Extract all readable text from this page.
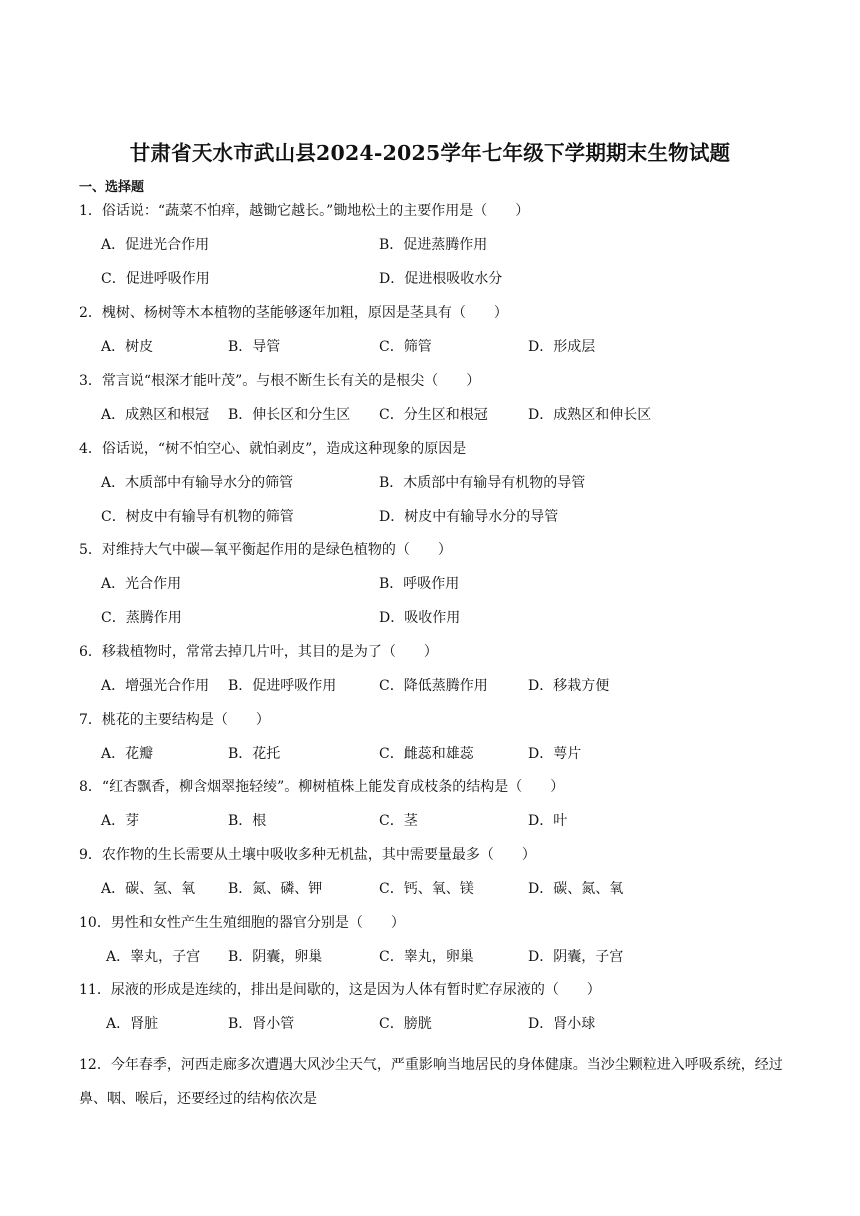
甘肃省天水市武山县2024-2025学年七年级下学期期末生物试题
一、选择题
1．俗话说：“蔬菜不怕痒，越锄它越长。”锄地松土的主要作用是（　　）
A．促进光合作用	B．促进蒸腾作用
C．促进呼吸作用	D．促进根吸收水分
2．槐树、杨树等木本植物的茎能够逐年加粗，原因是茎具有（　　）
A．树皮	B．导管	C．筛管	D．形成层
3．常言说“根深才能叶茂”。与根不断生长有关的是根尖（　　）
A．成熟区和根冠 B．伸长区和分生区 C．分生区和根冠	D．成熟区和伸长区
4．俗话说，“树不怕空心、就怕剥皮”，造成这种现象的原因是
A．木质部中有输导水分的筛管	B．木质部中有输导有机物的导管
C．树皮中有输导有机物的筛管	D．树皮中有输导水分的导管
5．对维持大气中碳—氧平衡起作用的是绿色植物的（　　）
A．光合作用	B．呼吸作用
C．蒸腾作用	D．吸收作用
6．移栽植物时，常常去掉几片叶，其目的是为了（　　）
A．增强光合作用 B．促进呼吸作用	C．降低蒸腾作用	D．移栽方便
7．桃花的主要结构是（　　）
A．花瓣	B．花托	C．雌蕊和雄蕊	D．萼片
8．“红杏飘香，柳含烟翠拖轻绫”。柳树植株上能发育成枝条的结构是（　　）
A．芽	B．根	C．茎	D．叶
9．农作物的生长需要从土壤中吸收多种无机盐，其中需要量最多（　　）
A．碳、氢、氧 B．氮、磷、钾	C．钙、氧、镁	D．碳、氮、氧
10．男性和女性产生生殖细胞的器官分别是（　　）
A．睾丸，子宫 B．阴囊，卵巢	C．睾丸，卵巢	D．阴囊，子宫
11．尿液的形成是连续的，排出是间歇的，这是因为人体有暂时贮存尿液的（　　）
A．肾脏	B．肾小管	C．膀胱	D．肾小球
12．今年春季，河西走廊多次遭遇大风沙尘天气，严重影响当地居民的身体健康。当沙尘颗粒进入呼吸系统，经过鼻、咽、喉后，还要经过的结构依次是
